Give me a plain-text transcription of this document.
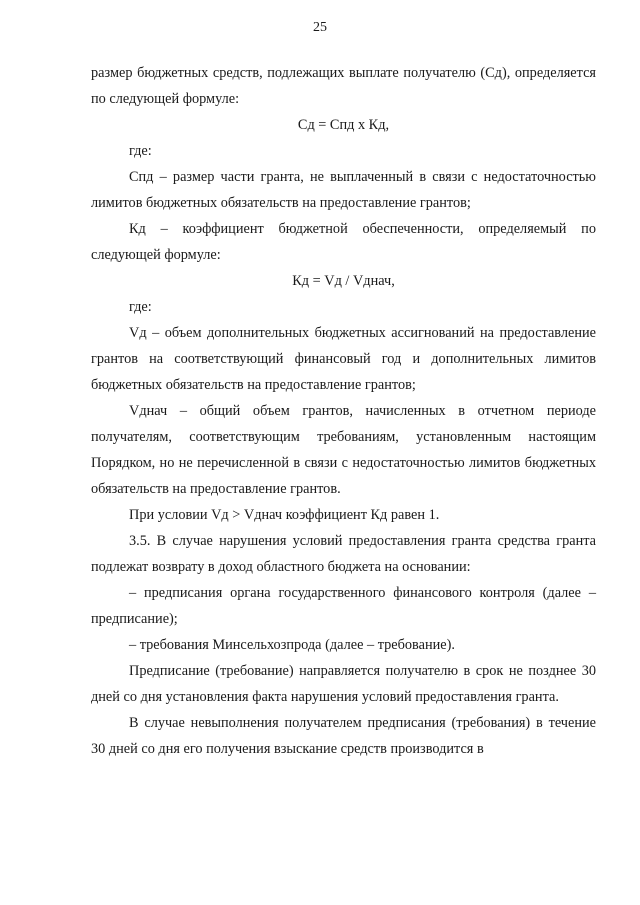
25

размер бюджетных средств, подлежащих выплате получателю (Сд), определяется по следующей формуле:

Сд = Спд х Кд,

где:

Спд – размер части гранта, не выплаченный в связи с недостаточностью лимитов бюджетных обязательств на предоставление грантов;

Кд – коэффициент бюджетной обеспеченности, определяемый по следующей формуле:

Кд = Vд / Vднач,

где:

Vд – объем дополнительных бюджетных ассигнований на предоставление грантов на соответствующий финансовый год и дополнительных лимитов бюджетных обязательств на предоставление грантов;

Vднач – общий объем грантов, начисленных в отчетном периоде получателям, соответствующим требованиям, установленным настоящим Порядком, но не перечисленной в связи с недостаточностью лимитов бюджетных обязательств на предоставление грантов.

При условии Vд > Vднач коэффициент Кд равен 1.

3.5. В случае нарушения условий предоставления гранта средства гранта подлежат возврату в доход областного бюджета на основании:

– предписания органа государственного финансового контроля (далее – предписание);

– требования Минсельхозпрода (далее – требование).

Предписание (требование) направляется получателю в срок не позднее 30 дней со дня установления факта нарушения условий предоставления гранта.

В случае невыполнения получателем предписания (требования) в течение 30 дней со дня его получения взыскание средств производится в
